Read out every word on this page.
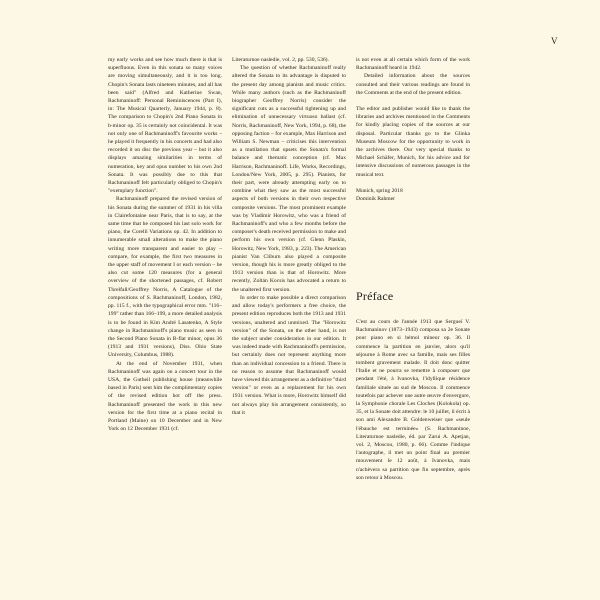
V

my early works and see how much there is that is superfluous. Even in this sonata so many voices are moving simultaneously, and it is too long. Chopin's Sonata lasts nineteen minutes, and all has been said" (Alfred and Katherine Swan, Rachmaninoff: Personal Reminiscences (Part I), in: The Musical Quarterly, January 1944, p. 8). The comparison to Chopin's 2nd Piano Sonata in b-minor op. 35 is certainly not coincidental. It was not only one of Rachmaninoff's favourite works – he played it frequently in his concerts and had also recorded it on disc the previous year – but it also displays amazing similarities in terms of numeration, key and opus number to his own 2nd Sonata. It was possibly due to this that Rachmaninoff felt particularly obliged to Chopin's "exemplary function".

Rachmaninoff prepared the revised version of his Sonata during the summer of 1931 in his villa in Clairefontaine near Paris, that is to say, at the same time that he composed his last solo work for piano, the Corelli Variations op. 42. In addition to innumerable small alterations to make the piano writing more transparent and easier to play – compare, for example, the first two measures in the upper staff of movement I or each version – he also cut some 120 measures (for a general overview of the shortened passages, cf. Robert Threlfall/Geoffrey Norris, A Catalogue of the compositions of S. Rachmaninoff, London, 1982, pp. 115 f., with the typographical error mm. "116–199" rather than 166–199, a more detailed analysis is to be found in Kim André Lasatenko, A Style change in Rachmaninoff's piano music as seen in the Second Piano Sonata in B-flat minor, opus 36 (1913 and 1931 versions), Diss. Ohio State University, Columbus, 1988).

At the end of November 1931, when Rachmaninoff was again on a concert tour in the USA, the Gutheil publishing house (meanwhile based in Paris) sent him the complimentary copies of the revised edition hot off the press. Rachmaninoff presented the work in this new version for the first time at a piano recital in Portland (Maine) on 10 December and in New York on 12 December 1931 (cf.

Literaturnoe nasledie, vol. 2, pp. 530, 536).

The question of whether Rachmaninoff really altered the Sonata to its advantage is disputed to the present day among pianists and music critics. While many authors (such as the Rachmaninoff biographer Geoffrey Norris) consider the significant cuts as a successful tightening up and elimination of unnecessary virtuoso ballast (cf. Norris, Rachmaninoff, New York, 1994, p. 68), the opposing faction – for example, Max Harrison and William S. Newman – criticises this intervention as a mutilation that upsets the Sonata's formal balance and thematic conception (cf. Max Harrison, Rachmaninoff. Life, Works, Recordings, London/New York, 2005, p. 295). Pianists, for their part, were already attempting early on to combine what they saw as the most successful aspects of both versions in their own respective composite versions. The most prominent example was by Vladimir Horowitz, who was a friend of Rachmaninoff's and who a few months before the composer's death received permission to make and perform his own version (cf. Glenn Plaskin, Horowitz, New York, 1983, p. 223). The American pianist Van Cliburn also played a composite version, though his is more greatly obliged to the 1913 version than is that of Horowitz. More recently, Zoltán Kocsis has advocated a return to the unaltered first version.

In order to make possible a direct comparison and allow today's performers a free choice, the present edition reproduces both the 1913 and 1931 versions, unaltered and unmixed. The "Horowitz version" of the Sonata, on the other hand, is not the subject under consideration in our edition. It was indeed made with Rachmaninoff's permission, but certainly does not represent anything more than an individual concession to a friend. There is no reason to assume that Rachmaninoff would have viewed this arrangement as a definitive "third version" or even as a replacement for his own 1931 version. What is more, Horowitz himself did not always play his arrangement consistently, so that it

is not even at all certain which form of the work Rachmaninoff heard in 1942.

Detailed information about the sources consulted and their various readings are found in the Comments at the end of the present edition.

The editor and publisher would like to thank the libraries and archives mentioned in the Comments for kindly placing copies of the sources at our disposal. Particular thanks go to the Glinka Museum Moscow for the opportunity to work in the archives there. Our very special thanks to Michael Schäfer, Munich, for his advice and for intensive discussions of numerous passages in the musical text.

Munich, spring 2018

Dominik Rahmer

Préface

C'est au cours de l'année 1913 que Sergueï V. Rachmaninov (1873–1943) composa sa 2e Sonate pour piano en si bémol mineur op. 36. Il commence la partition en janvier, alors qu'il séjourne à Rome avec sa famille, mais ses filles tombent gravement malade. Il doit donc quitter l'Italie et ne pourra se remettre à composer que pendant l'été, à Ivanovka, l'idyllique résidence familiale située au sud de Moscou. Il commence toutefois par achever une autre œuvre d'envergure, la Symphonie chorale Les Cloches (Kolokola) op. 35, et la Sonate doit attendre: le 10 juillet, il écrit à son ami Alexandre B. Goldenweiser que «seule l'ébauche est terminée» (S. Rachmaninoe, Literaturnoe nasledie, éd. par Zarui A. Apetjan, vol. 2, Moscou, 1980, p. 66). Comme l'indique l'autographe, il met un point final au premier mouvement le 12 août, à Ivanovka, mais n'achèvera sa partition que fin septembre, après son retour à Moscou.
